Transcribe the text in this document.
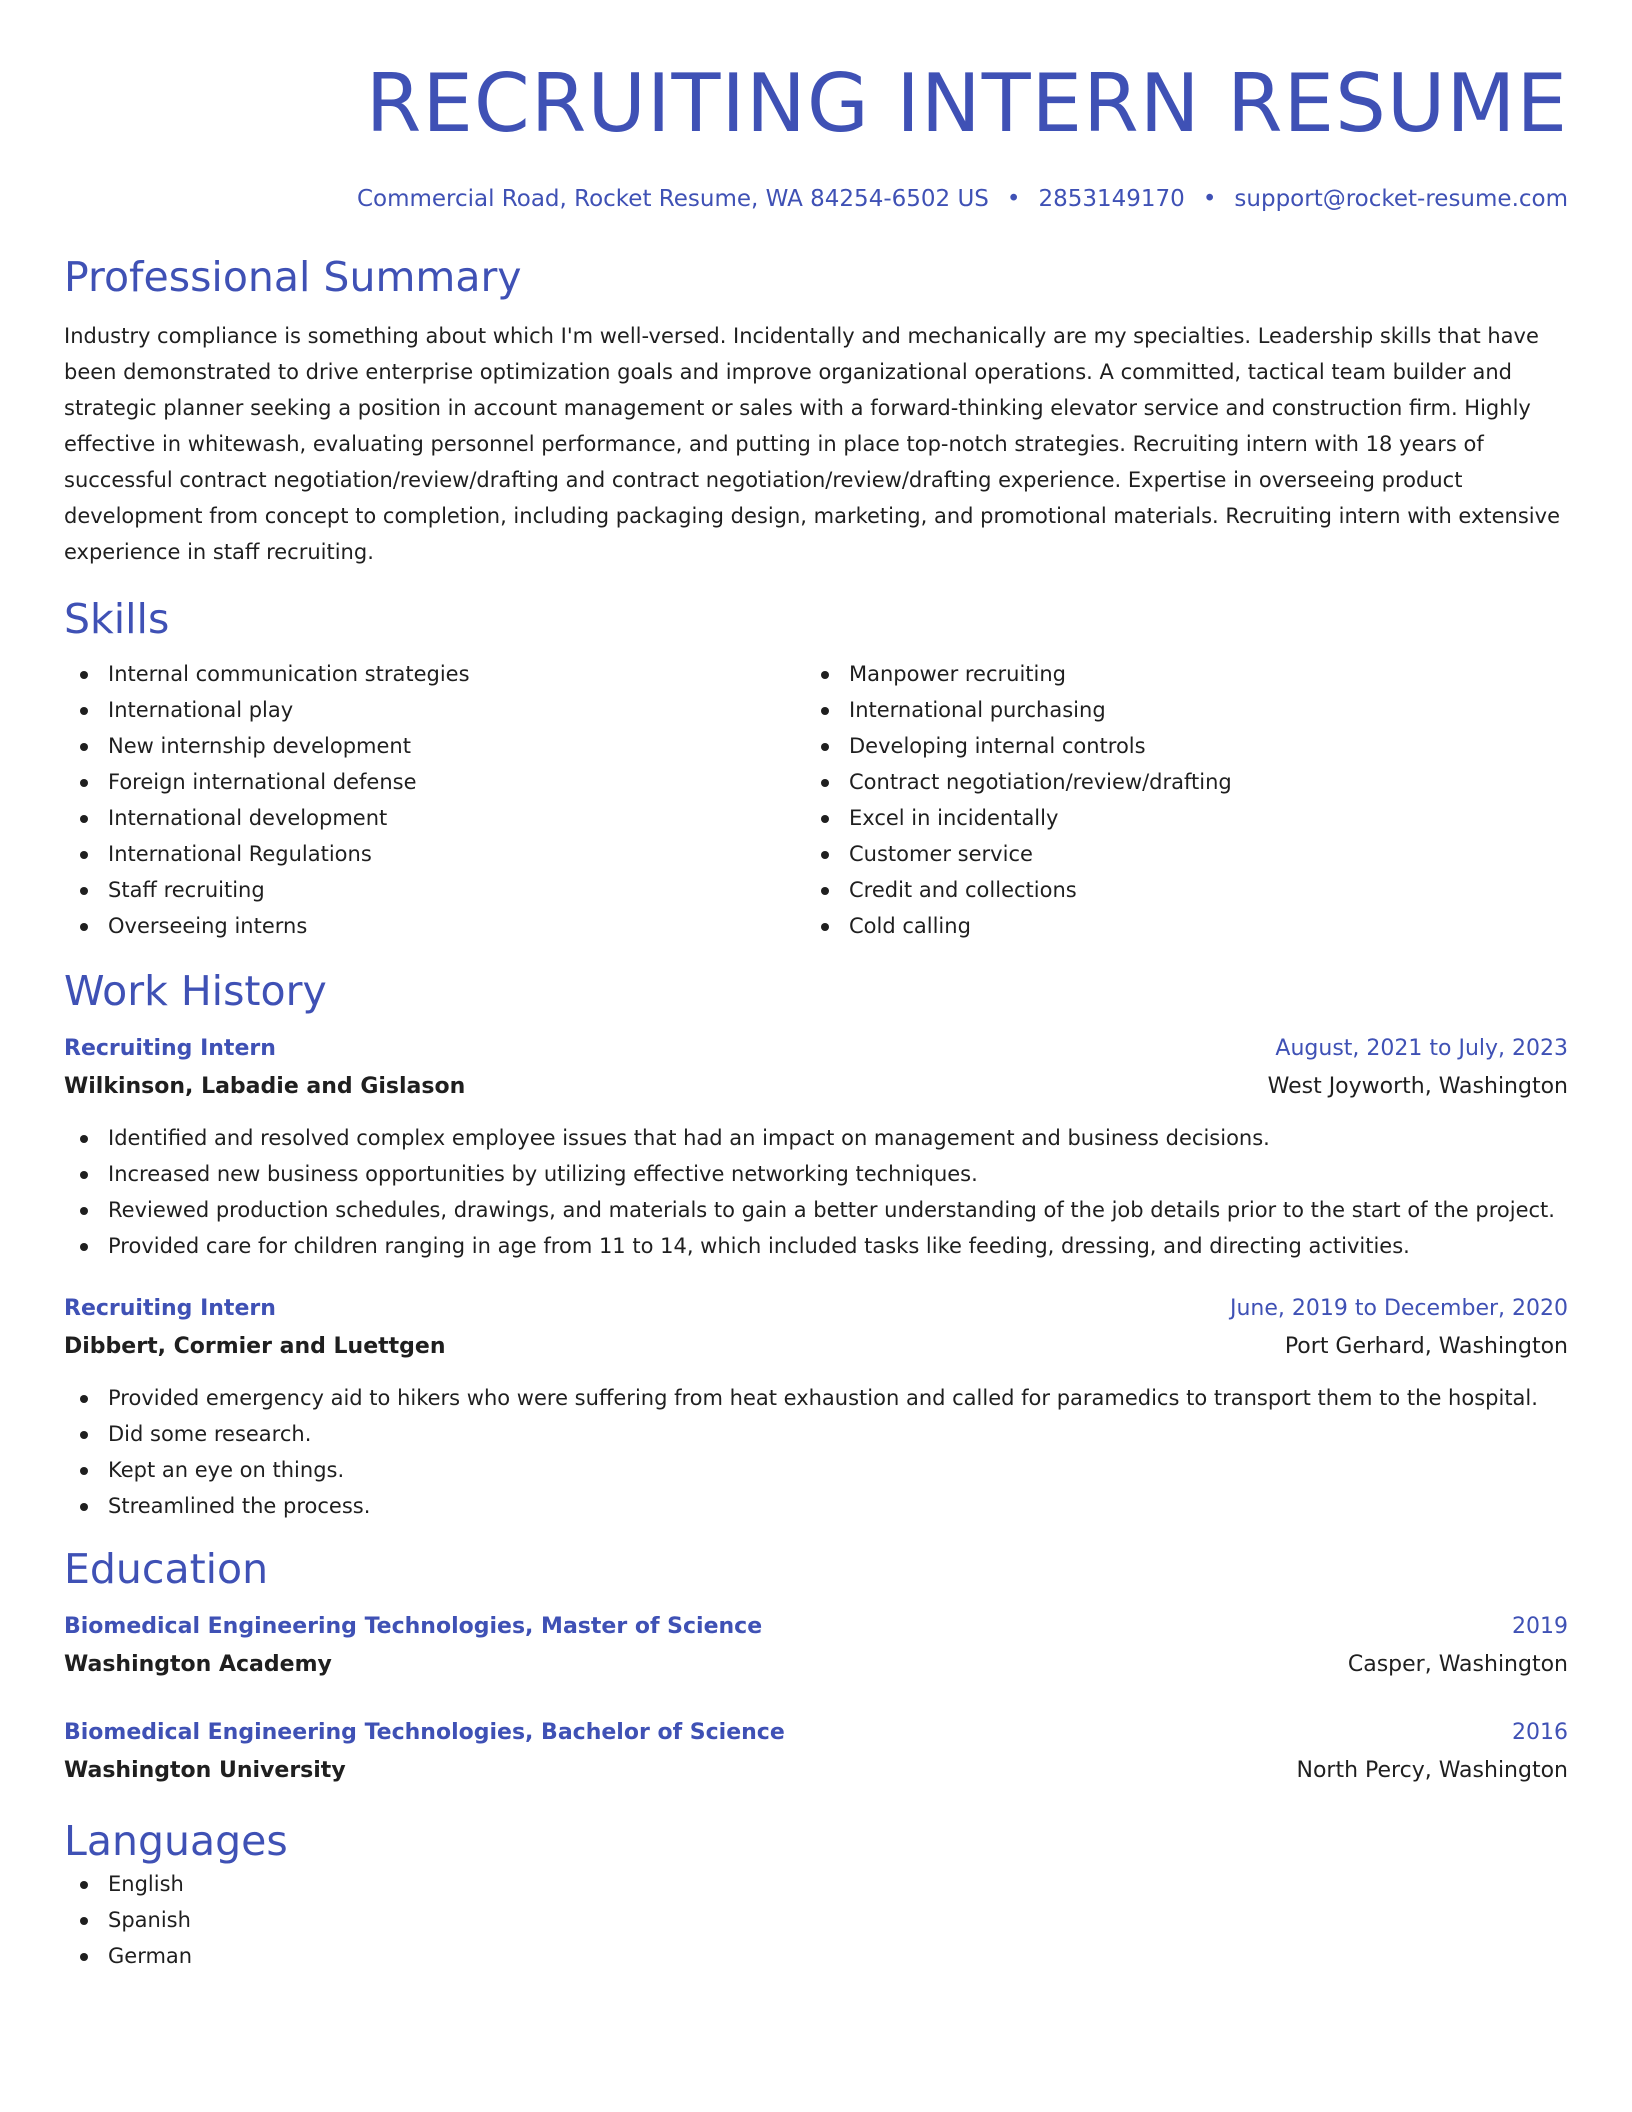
RECRUITING INTERN RESUME
Commercial Road, Rocket Resume, WA 84254-6502 US • 2853149170 • support@rocket-resume.com
Professional Summary

Industry compliance is something about which I'm well-versed. Incidentally and mechanically are my specialties. Leadership skills that have been demonstrated to drive enterprise optimization goals and improve organizational operations. A committed, tactical team builder and strategic planner seeking a position in account management or sales with a forward-thinking elevator service and construction firm. Highly effective in whitewash, evaluating personnel performance, and putting in place top-notch strategies. Recruiting intern with 18 years of successful contract negotiation/review/drafting and contract negotiation/review/drafting experience. Expertise in overseeing product development from concept to completion, including packaging design, marketing, and promotional materials. Recruiting intern with extensive experience in staff recruiting.

Skills
Internal communication strategies
International play
New internship development
Foreign international defense
International development
International Regulations
Staff recruiting
Overseeing interns
Manpower recruiting
International purchasing
Developing internal controls
Contract negotiation/review/drafting
Excel in incidentally
Customer service
Credit and collections
Cold calling
Work History
Recruiting Intern	August, 2021 to July, 2023
Wilkinson, Labadie and Gislason	West Joyworth, Washington
Identified and resolved complex employee issues that had an impact on management and business decisions.
Increased new business opportunities by utilizing effective networking techniques.
Reviewed production schedules, drawings, and materials to gain a better understanding of the job details prior to the start of the project.
Provided care for children ranging in age from 11 to 14, which included tasks like feeding, dressing, and directing activities.
Recruiting Intern	June, 2019 to December, 2020
Dibbert, Cormier and Luettgen	Port Gerhard, Washington
Provided emergency aid to hikers who were suffering from heat exhaustion and called for paramedics to transport them to the hospital.
Did some research.
Kept an eye on things.
Streamlined the process.
Education
Biomedical Engineering Technologies, Master of Science	2019
Washington Academy	Casper, Washington
Biomedical Engineering Technologies, Bachelor of Science	2016
Washington University	North Percy, Washington
Languages
English
Spanish
German
